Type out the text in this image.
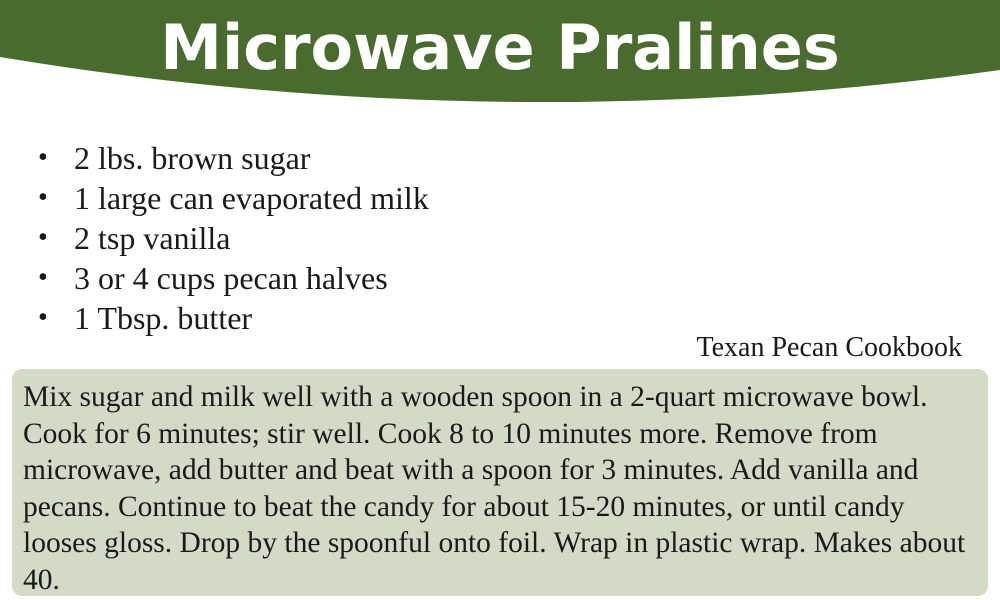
Microwave Pralines
• 2 lbs. brown sugar
• 1 large can evaporated milk
• 2 tsp vanilla
• 3 or 4 cups pecan halves
• 1 Tbsp. butter
Texan Pecan Cookbook

Mix sugar and milk well with a wooden spoon in a 2-quart microwave bowl. Cook for 6 minutes; stir well. Cook 8 to 10 minutes more. Remove from microwave, add butter and beat with a spoon for 3 minutes. Add vanilla and pecans. Continue to beat the candy for about 15-20 minutes, or until candy looses gloss. Drop by the spoonful onto foil. Wrap in plastic wrap. Makes about 40.
